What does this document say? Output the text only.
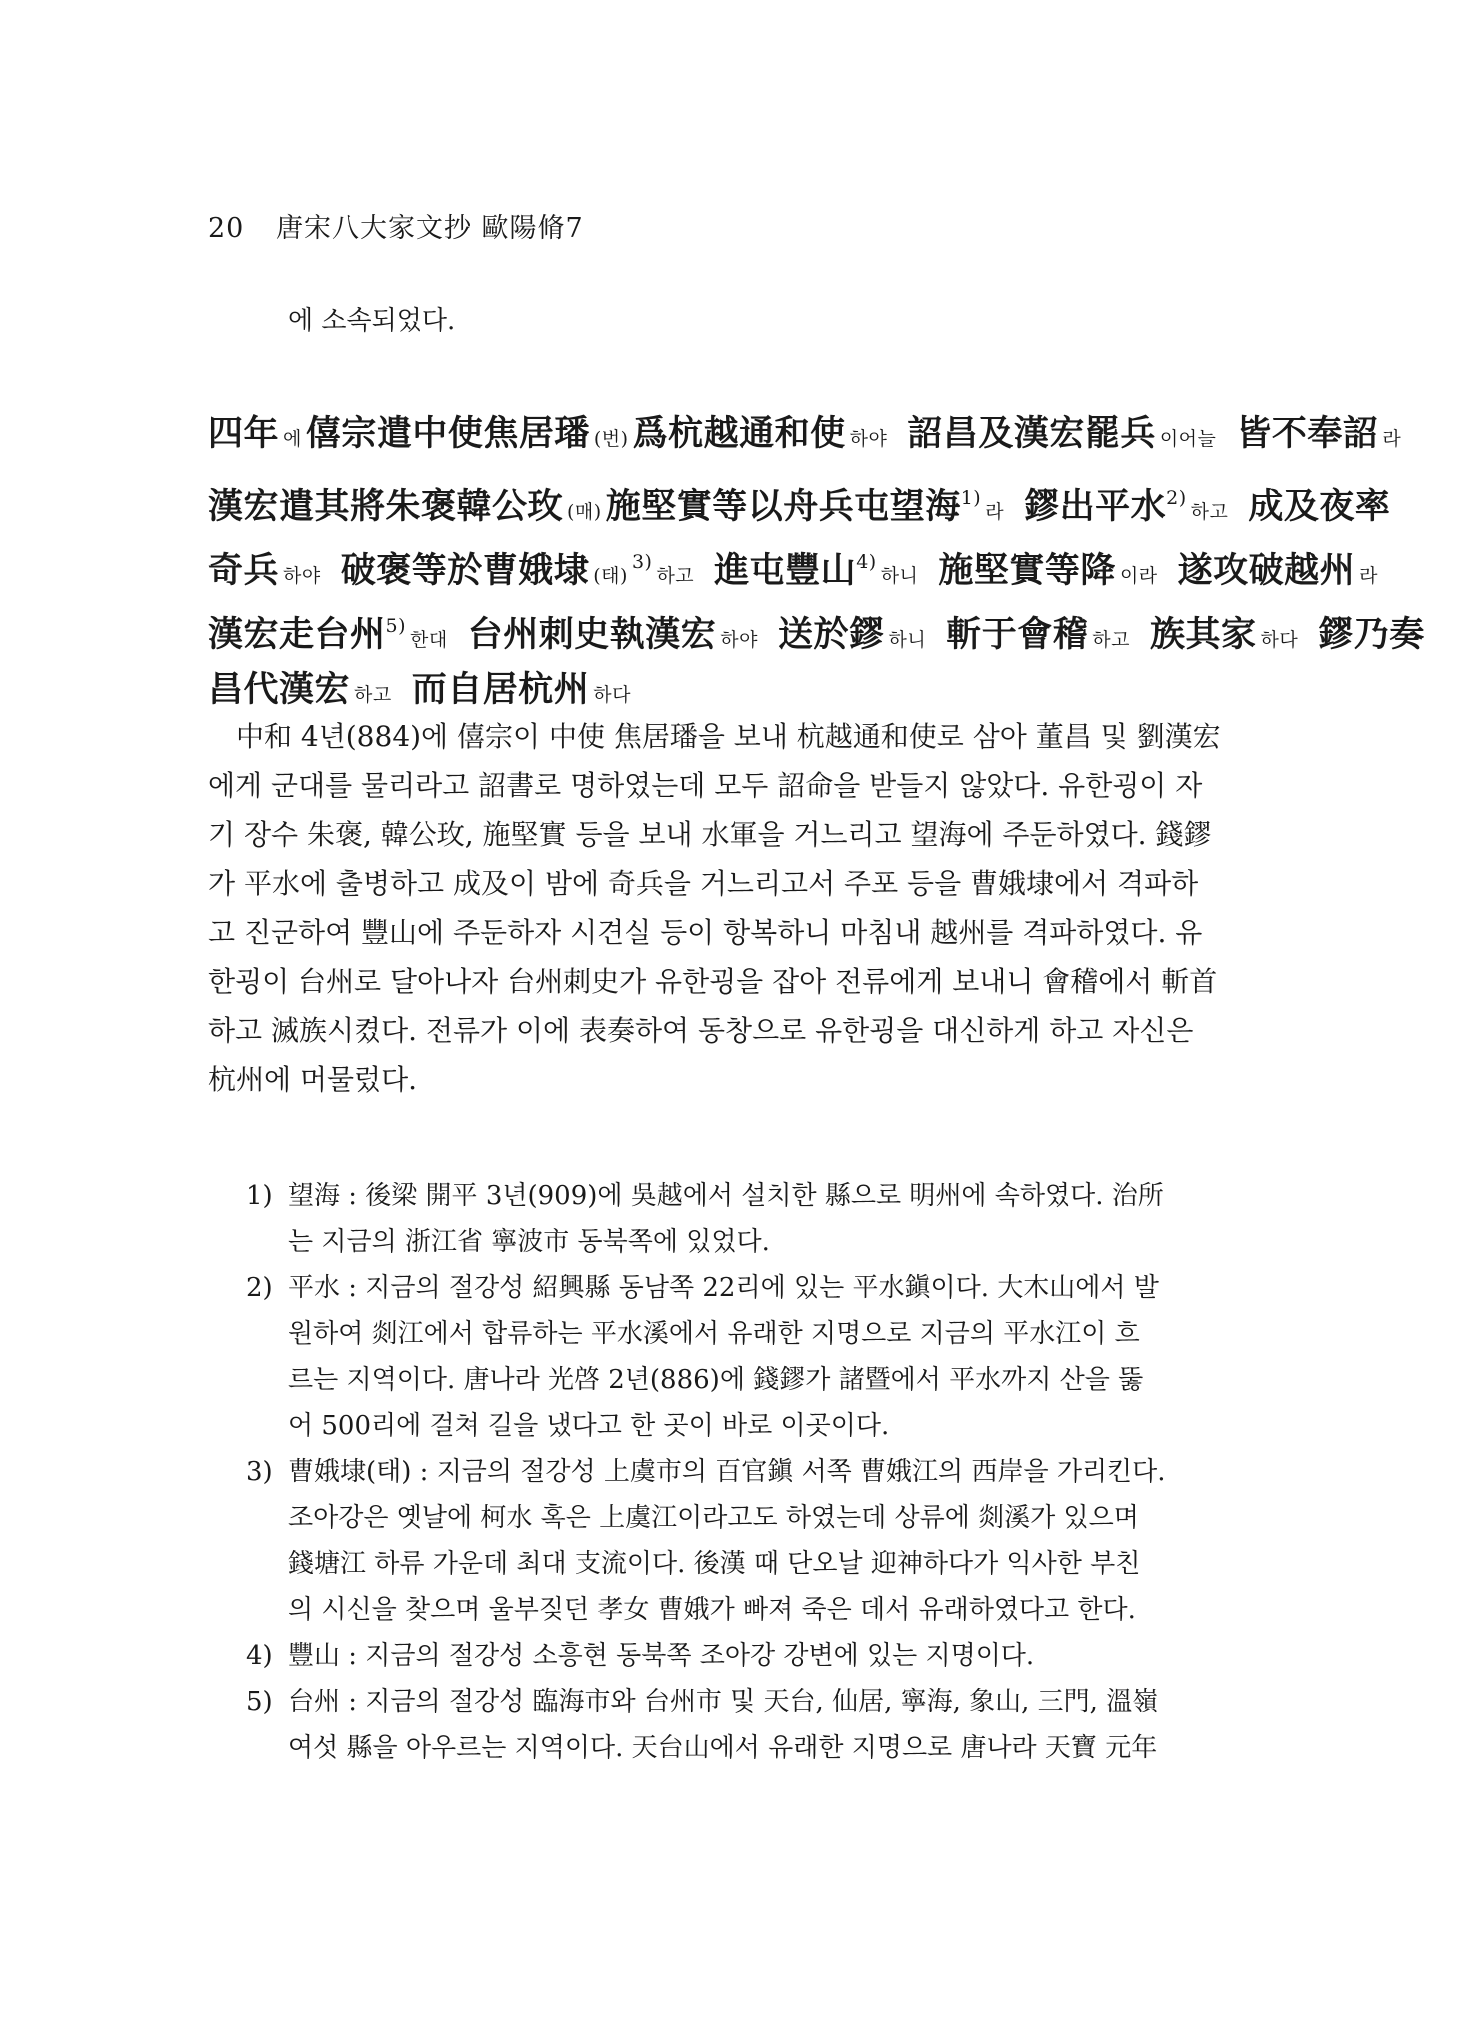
20 唐宋八大家文抄 歐陽脩7
에 소속되었다.
四年 에 僖宗遣中使焦居璠 (번) 爲杭越通和使 하야 詔昌及漢宏罷兵 이어늘 皆不奉詔 라
漢宏遣其將朱褒韓公玫 (매) 施堅實等以舟兵屯望海$^{1)}$라 鏐出平水$^{2)}$하고 成及夜率
奇兵 하야 破褒等於曹娥埭 (태)$^{3)}$하고 進屯豐山$^{4)}$하니 施堅實等降 이라 遂攻破越州 라
漢宏走台州$^{5)}$한대 台州刺史執漢宏 하야 送於鏐 하니 斬于會稽 하고 族其家 하다 鏐乃奏
昌代漢宏 하고 而自居杭州 하다
　中和 4년(884)에 僖宗이 中使 焦居璠을 보내 杭越通和使로 삼아 董昌 및 劉漢宏
에게 군대를 물리라고 詔書로 명하였는데 모두 詔命을 받들지 않았다. 유한굉이 자
기 장수 朱褒, 韓公玫, 施堅實 등을 보내 水軍을 거느리고 望海에 주둔하였다. 錢鏐
가 平水에 출병하고 成及이 밤에 奇兵을 거느리고서 주포 등을 曹娥埭에서 격파하
고 진군하여 豐山에 주둔하자 시견실 등이 항복하니 마침내 越州를 격파하였다. 유
한굉이 台州로 달아나자 台州刺史가 유한굉을 잡아 전류에게 보내니 會稽에서 斬首
하고 滅族시켰다. 전류가 이에 表奏하여 동창으로 유한굉을 대신하게 하고 자신은
杭州에 머물렀다.
1) 望海 : 後梁 開平 3년(909)에 吳越에서 설치한 縣으로 明州에 속하였다. 治所
는 지금의 浙江省 寧波市 동북쪽에 있었다.
2) 平水 : 지금의 절강성 紹興縣 동남쪽 22리에 있는 平水鎭이다. 大木山에서 발
원하여 剡江에서 합류하는 平水溪에서 유래한 지명으로 지금의 平水江이 흐
르는 지역이다. 唐나라 光啓 2년(886)에 錢鏐가 諸暨에서 平水까지 산을 뚫
어 500리에 걸쳐 길을 냈다고 한 곳이 바로 이곳이다.
3) 曹娥埭(태) : 지금의 절강성 上虞市의 百官鎭 서쪽 曹娥江의 西岸을 가리킨다.
조아강은 옛날에 柯水 혹은 上虞江이라고도 하였는데 상류에 剡溪가 있으며
錢塘江 하류 가운데 최대 支流이다. 後漢 때 단오날 迎神하다가 익사한 부친
의 시신을 찾으며 울부짖던 孝女 曹娥가 빠져 죽은 데서 유래하였다고 한다.
4) 豐山 : 지금의 절강성 소흥현 동북쪽 조아강 강변에 있는 지명이다.
5) 台州 : 지금의 절강성 臨海市와 台州市 및 天台, 仙居, 寧海, 象山, 三門, 溫嶺
여섯 縣을 아우르는 지역이다. 天台山에서 유래한 지명으로 唐나라 天寶 元年
